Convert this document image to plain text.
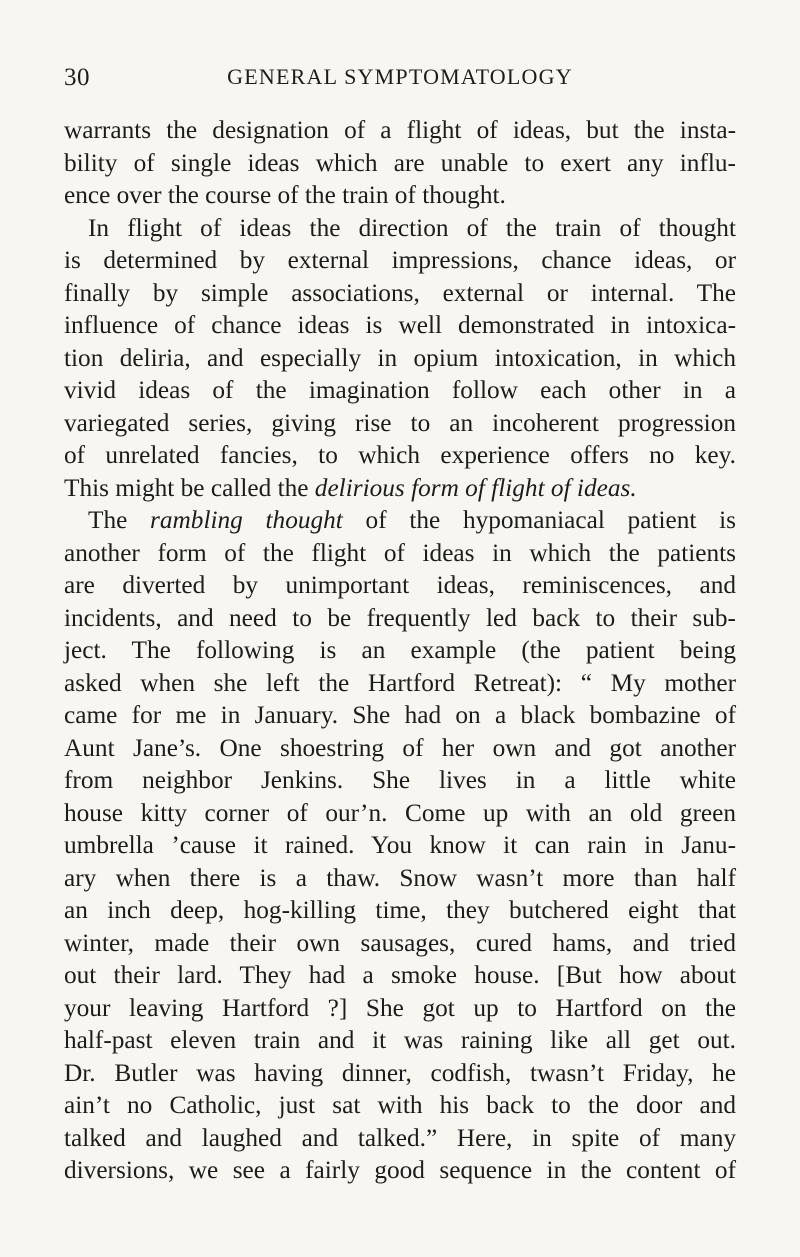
30	GENERAL SYMPTOMATOLOGY
warrants the designation of a flight of ideas, but the insta-
bility of single ideas which are unable to exert any influ-
ence over the course of the train of thought.
In flight of ideas the direction of the train of thought
is determined by external impressions, chance ideas, or
finally by simple associations, external or internal. The
influence of chance ideas is well demonstrated in intoxica-
tion deliria, and especially in opium intoxication, in which
vivid ideas of the imagination follow each other in a
variegated series, giving rise to an incoherent progression
of unrelated fancies, to which experience offers no key.
This might be called the delirious form of flight of ideas.
The rambling thought of the hypomaniacal patient is
another form of the flight of ideas in which the patients
are diverted by unimportant ideas, reminiscences, and
incidents, and need to be frequently led back to their sub-
ject. The following is an example (the patient being
asked when she left the Hartford Retreat): “ My mother
came for me in January. She had on a black bombazine of
Aunt Jane’s. One shoestring of her own and got another
from neighbor Jenkins. She lives in a little white
house kitty corner of our’n. Come up with an old green
umbrella ’cause it rained. You know it can rain in Janu-
ary when there is a thaw. Snow wasn’t more than half
an inch deep, hog-killing time, they butchered eight that
winter, made their own sausages, cured hams, and tried
out their lard. They had a smoke house. [But how about
your leaving Hartford ?] She got up to Hartford on the
half-past eleven train and it was raining like all get out.
Dr. Butler was having dinner, codfish, twasn’t Friday, he
ain’t no Catholic, just sat with his back to the door and
talked and laughed and talked.” Here, in spite of many
diversions, we see a fairly good sequence in the content of
